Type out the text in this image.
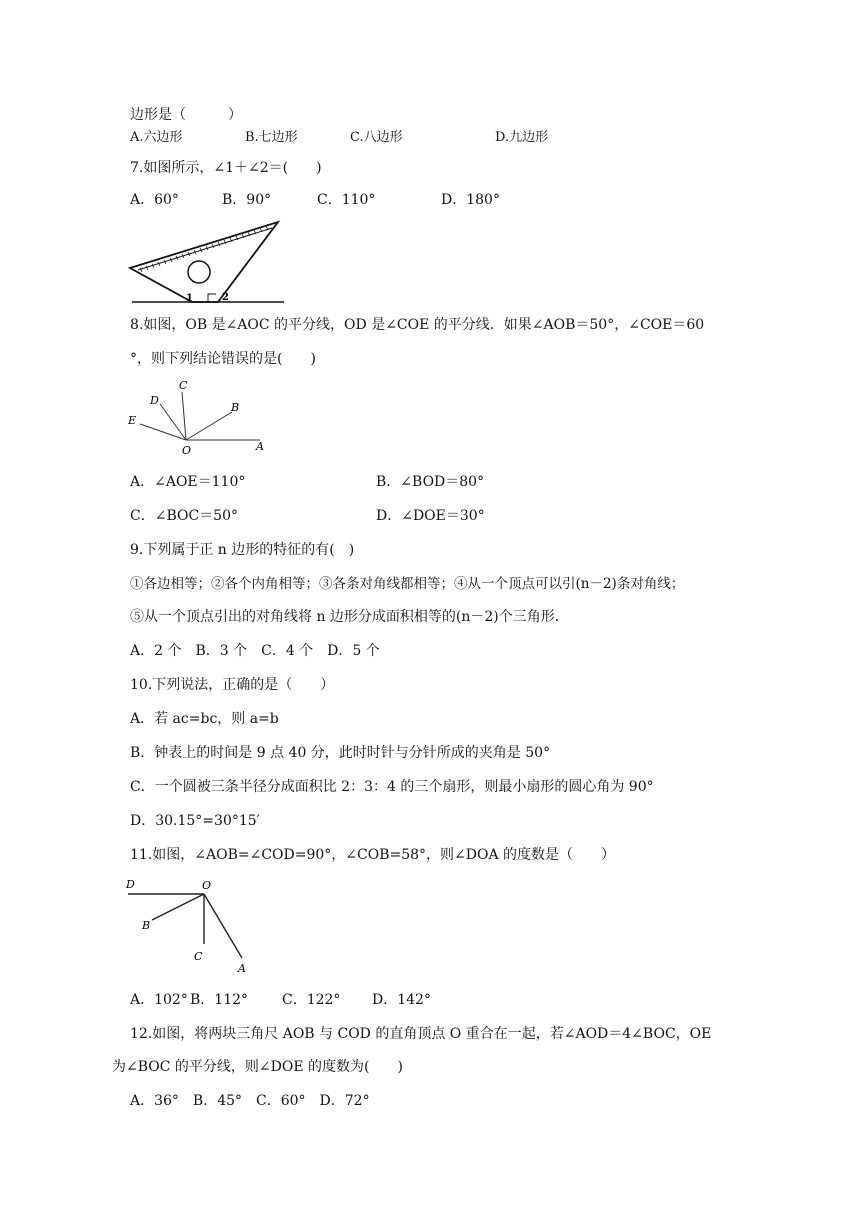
边形是（　　　）
A.六边形	B.七边形	C.八边形	D.九边形
7.如图所示，∠1＋∠2＝(　　)
A．60°	B．90°	C．110°	D．180°
1	2
8.如图，OB 是∠AOC 的平分线，OD 是∠COE 的平分线．如果∠AOB＝50°，∠COE＝60
°，则下列结论错误的是(　　)
C
D
B
E
O	A
A．∠AOE＝110°	B．∠BOD＝80°
C．∠BOC＝50°	D．∠DOE＝30°
9.下列属于正 n 边形的特征的有(　)
①各边相等；②各个内角相等；③各条对角线都相等；④从一个顶点可以引(n－2)条对角线；
⑤从一个顶点引出的对角线将 n 边形分成面积相等的(n－2)个三角形．
A．2 个　B．3 个　C．4 个　D．5 个
10.下列说法，正确的是（　　）
A．若 ac=bc，则 a=b
B．钟表上的时间是 9 点 40 分，此时时针与分针所成的夹角是 50°
C．一个圆被三条半径分成面积比 2：3：4 的三个扇形，则最小扇形的圆心角为 90°
D．30.15°=30°15′
11.如图，∠AOB=∠COD=90°，∠COB=58°，则∠DOA 的度数是（　　）
D	O
B
C
A
A．102° B．112° C．122° D．142°
12.如图，将两块三角尺 AOB 与 COD 的直角顶点 O 重合在一起，若∠AOD＝4∠BOC，OE
为∠BOC 的平分线，则∠DOE 的度数为(　　)
A．36°　B．45°　C．60°　D．72°
